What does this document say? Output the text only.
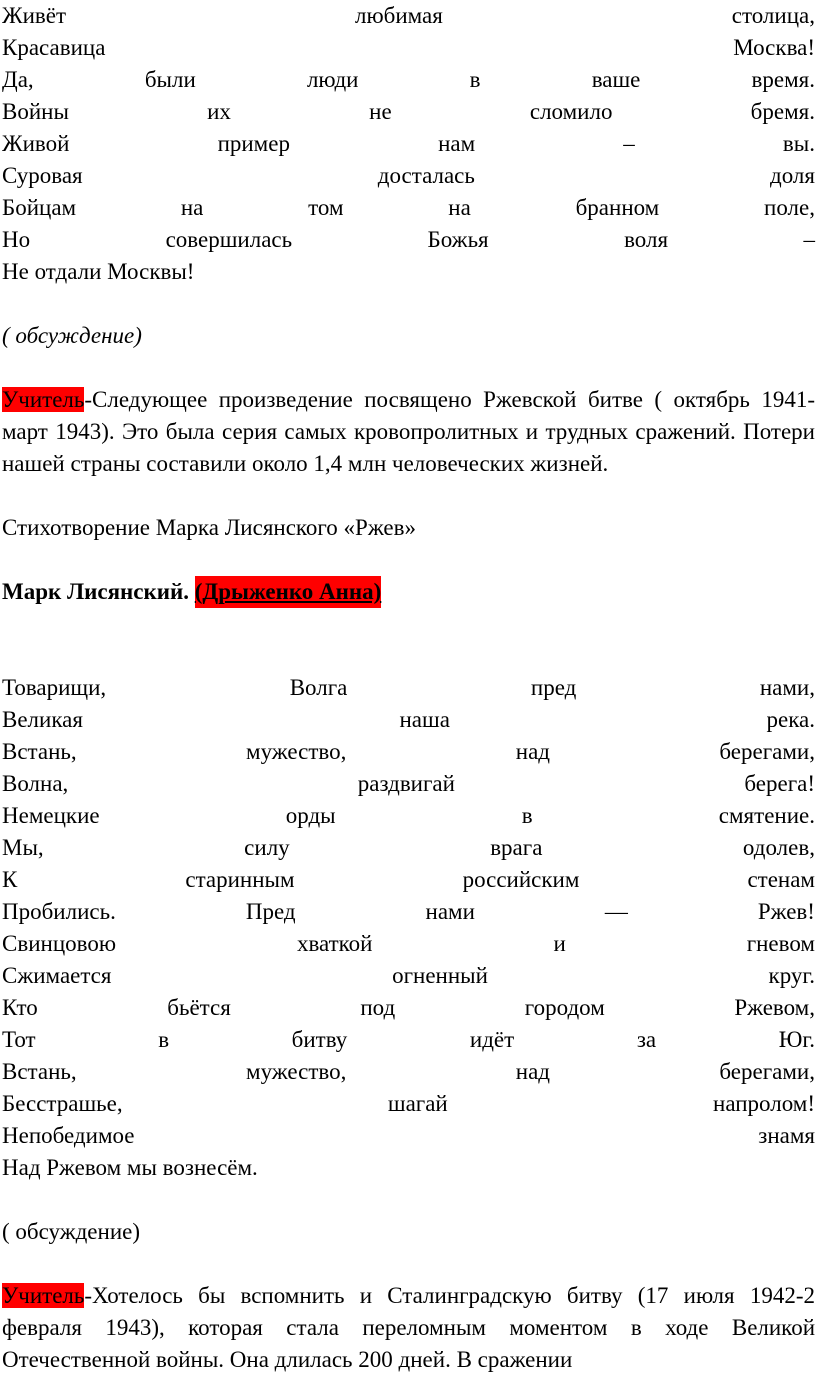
Живёт	любимая	столица,
Красавица	Москва!
Да,	были	люди	в	ваше	время.
Войны	их	не	сломило	бремя.
Живой	пример	нам	–	вы.
Суровая	досталась	доля
Бойцам	на	том	на	бранном	поле,
Но	совершилась	Божья	воля	–
Не отдали Москвы!
( обсуждение)

Учитель-Следующее произведение посвящено Ржевской битве ( октябрь 1941-март 1943). Это была серия самых кровопролитных и трудных сражений. Потери нашей страны составили около 1,4 млн человеческих жизней.

Стихотворение Марка Лисянского «Ржев»
Марк Лисянский.
(Дрыженко Анна)
Товарищи,	Волга	пред	нами,
Великая	наша	река.
Встань,	мужество,	над	берегами,
Волна,	раздвигай	берега!
Немецкие	орды	в	смятение.
Мы,	силу	врага	одолев,
К	старинным	российским	стенам
Пробились.	Пред	нами	—	Ржев!
Свинцовою	хваткой	и	гневом
Сжимается	огненный	круг.
Кто	бьётся	под	городом	Ржевом,
Тот	в	битву	идёт	за	Юг.
Встань,	мужество,	над	берегами,
Бесстрашье,	шагай	напролом!
Непобедимое	знамя
Над Ржевом мы вознесём.
( обсуждение)

Учитель-Хотелось бы вспомнить и Сталинградскую битву (17 июля 1942-2 февраля 1943), которая стала переломным моментом в ходе Великой Отечественной войны. Она длилась 200 дней. В сражении
